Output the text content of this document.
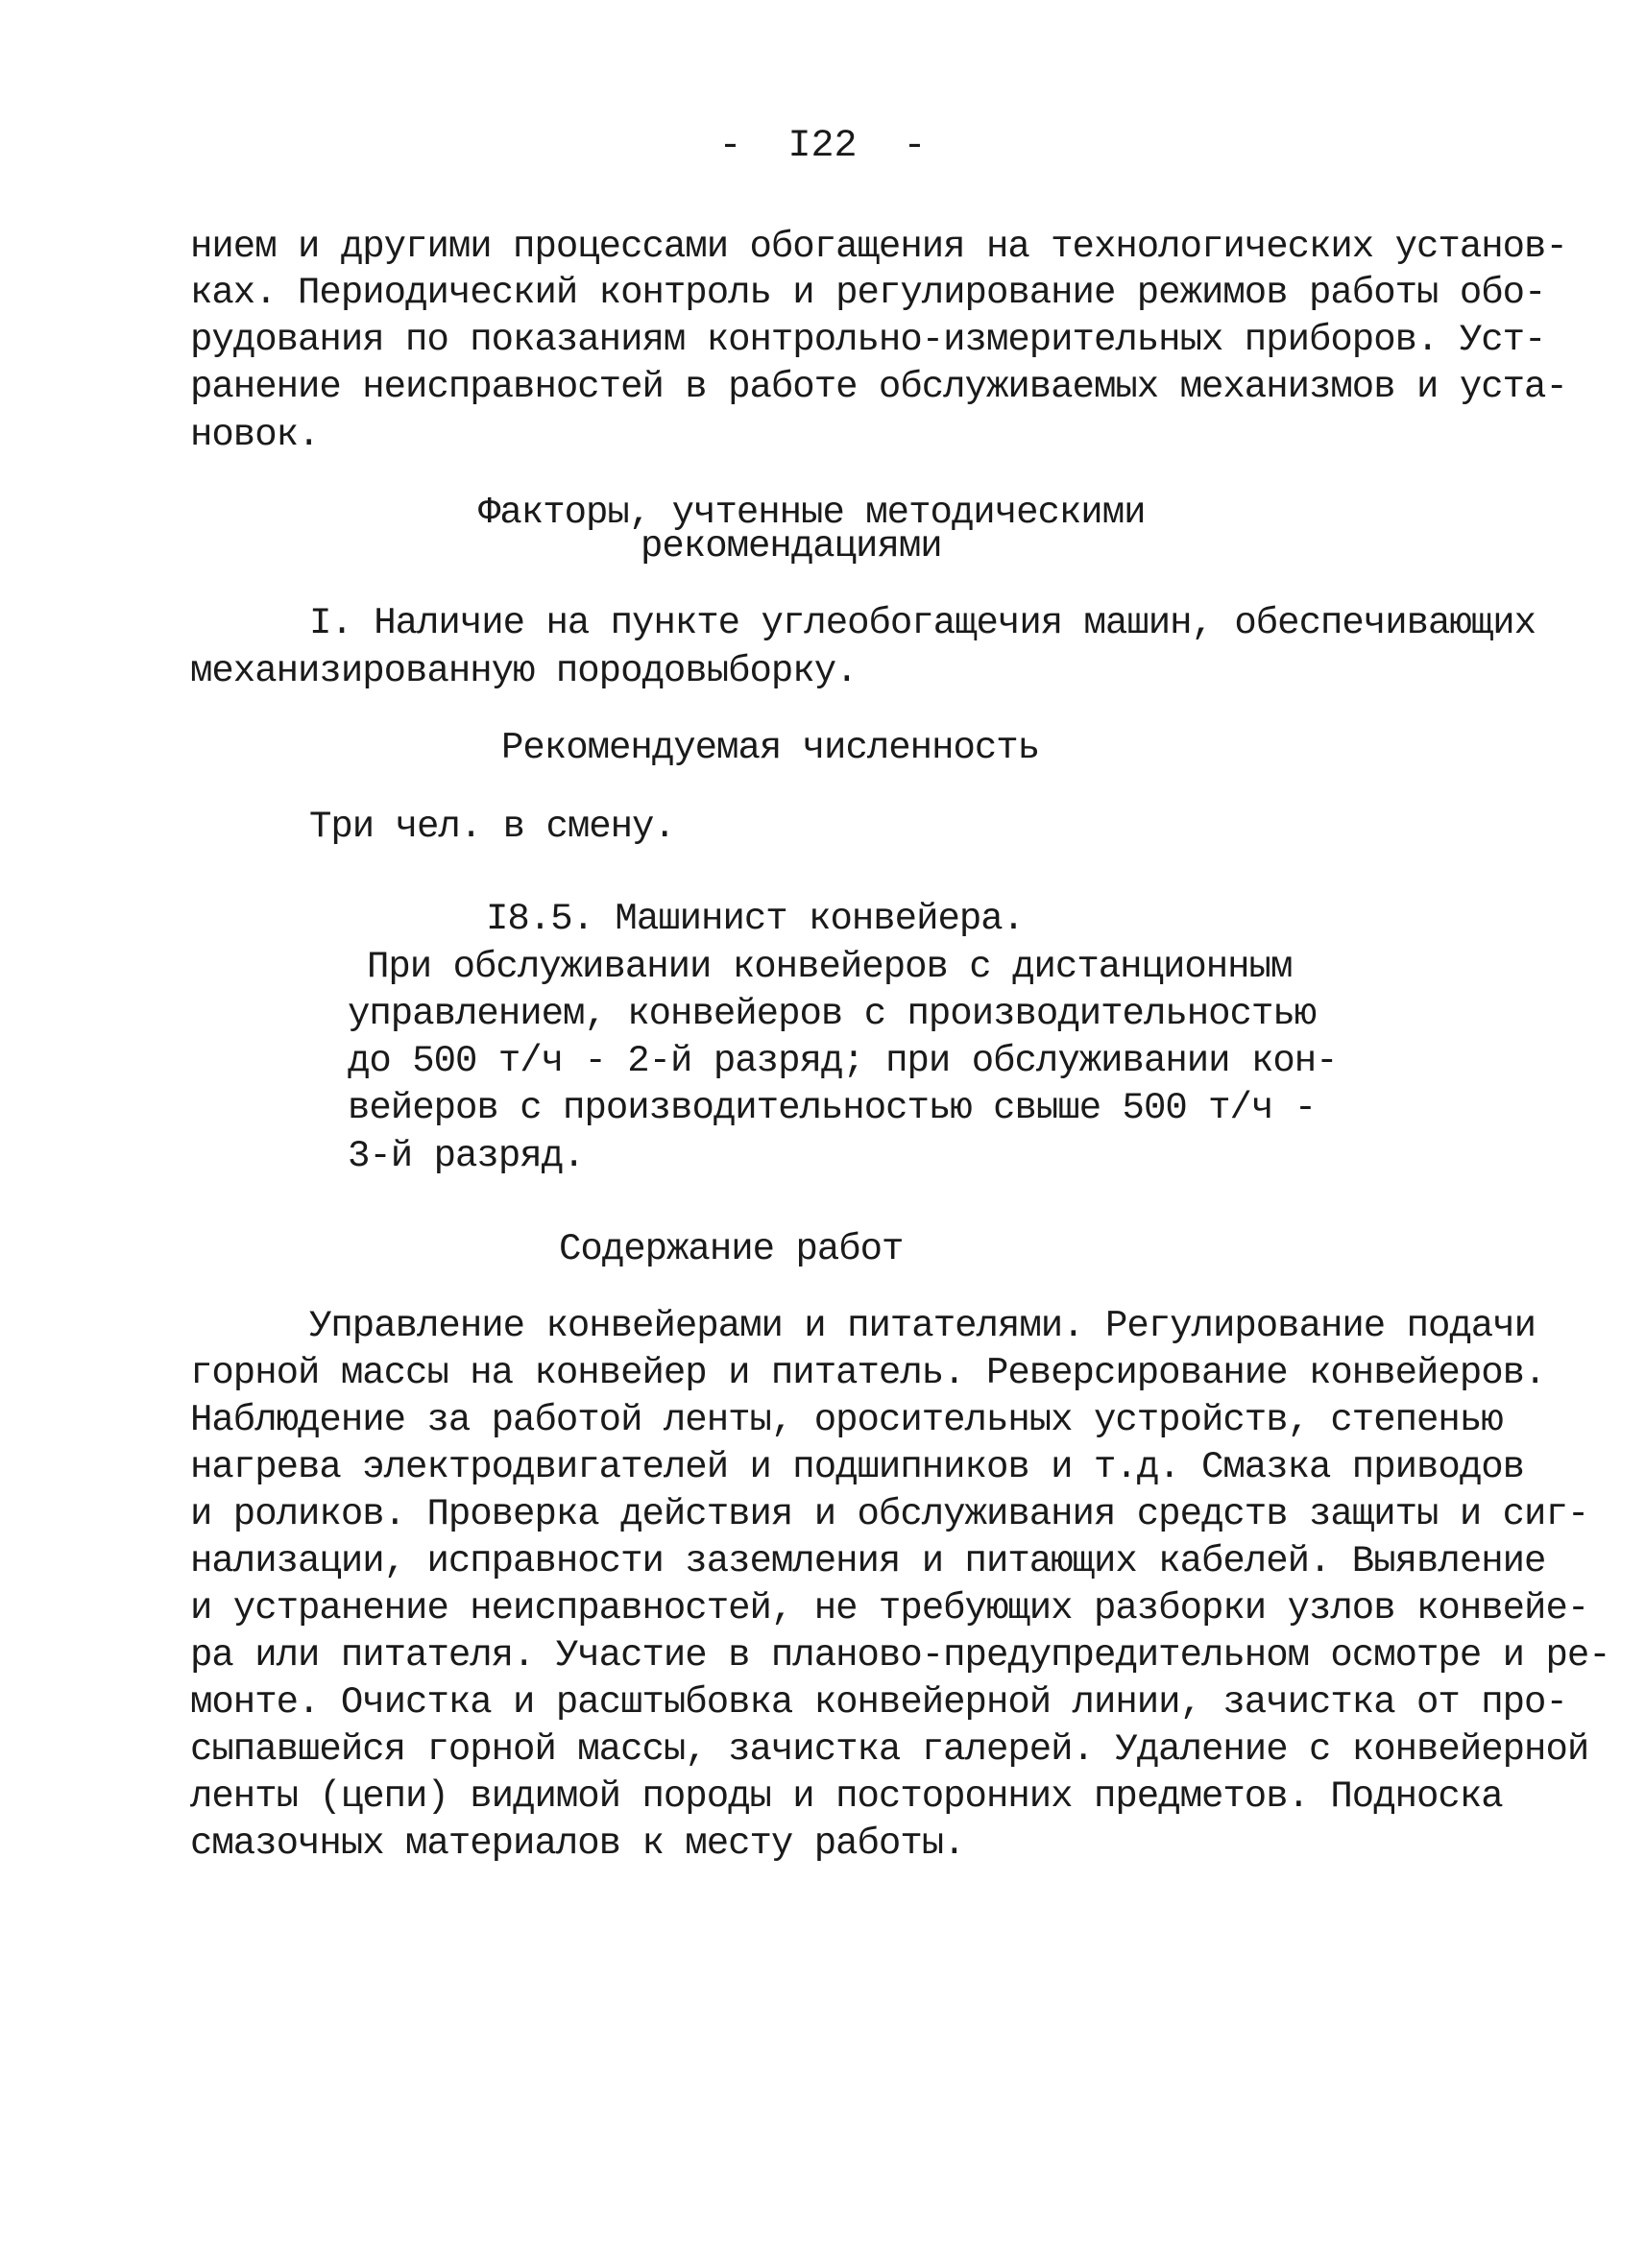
-  I22  -
нием и другими процессами обогащения на технологических установ-
ках. Периодический контроль и регулирование режимов работы обо-
рудования по показаниям контрольно-измерительных приборов. Уст-
ранение неисправностей в работе обслуживаемых механизмов и уста-
новок.
Факторы, учтенные методическими
рекомендациями
I. Наличие на пункте углеобогащечия машин, обеспечивающих
механизированную породовыборку.
Рекомендуемая численность
Три чел. в смену.
I8.5. Машинист конвейера.
При обслуживании конвейеров с дистанционным
управлением, конвейеров с производительностью
до 500 т/ч - 2-й разряд; при обслуживании кон-
вейеров с производительностью свыше 500 т/ч -
3-й разряд.
Содержание работ
Управление конвейерами и питателями. Регулирование подачи
горной массы на конвейер и питатель. Реверсирование конвейеров.
Наблюдение за работой ленты, оросительных устройств, степенью
нагрева электродвигателей и подшипников и т.д. Смазка приводов
и роликов. Проверка действия и обслуживания средств защиты и сиг-
нализации, исправности заземления и питающих кабелей. Выявление
и устранение неисправностей, не требующих разборки узлов конвейе-
ра или питателя. Участие в планово-предупредительном осмотре и ре-
монте. Очистка и расштыбовка конвейерной линии, зачистка от про-
сыпавшейся горной массы, зачистка галерей. Удаление с конвейерной
ленты (цепи) видимой породы и посторонних предметов. Подноска
смазочных материалов к месту работы.
